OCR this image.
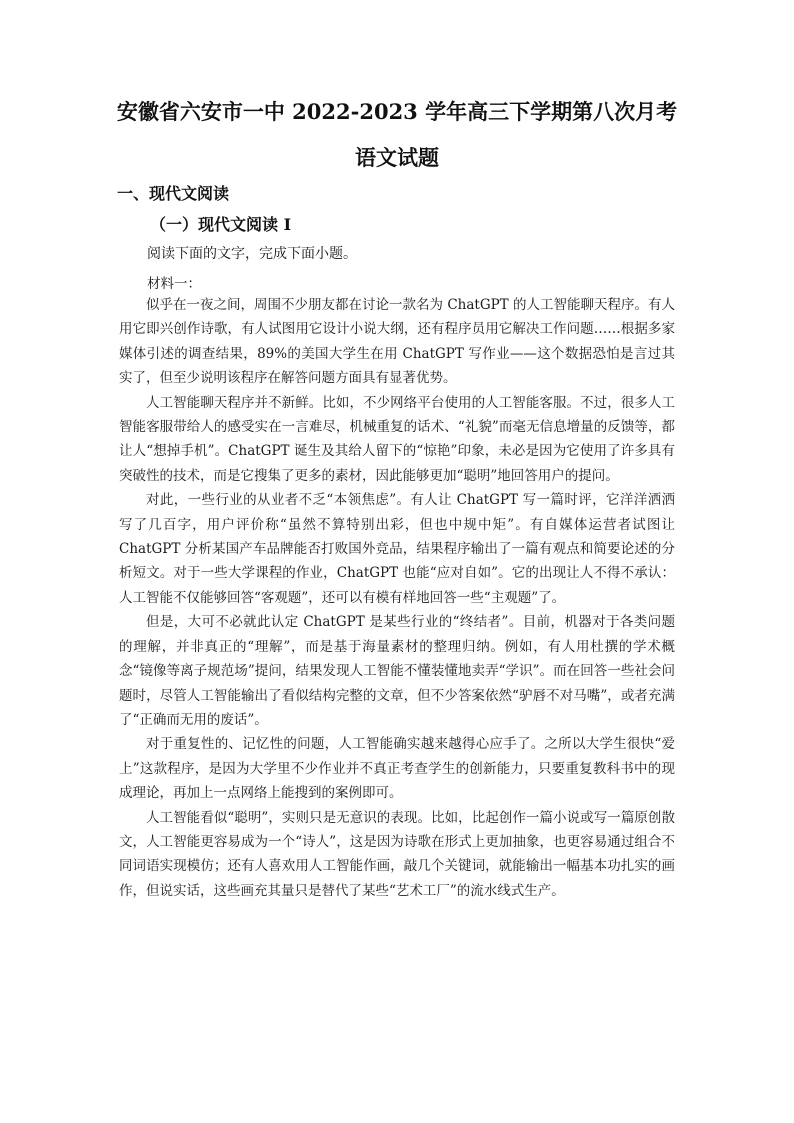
安徽省六安市一中 2022-2023 学年高三下学期第八次月考
语文试题
一、现代文阅读
（一）现代文阅读 I
阅读下面的文字，完成下面小题。
材料一：

似乎在一夜之间，周围不少朋友都在讨论一款名为 ChatGPT 的人工智能聊天程序。有人用它即兴创作诗歌，有人试图用它设计小说大纲，还有程序员用它解决工作问题……根据多家媒体引述的调查结果，89%的美国大学生在用 ChatGPT 写作业——这个数据恐怕是言过其实了，但至少说明该程序在解答问题方面具有显著优势。

人工智能聊天程序并不新鲜。比如，不少网络平台使用的人工智能客服。不过，很多人工智能客服带给人的感受实在一言难尽，机械重复的话术、“礼貌”而毫无信息增量的反馈等，都让人“想掉手机”。ChatGPT 诞生及其给人留下的“惊艳”印象，未必是因为它使用了许多具有突破性的技术，而是它搜集了更多的素材，因此能够更加“聪明”地回答用户的提问。

对此，一些行业的从业者不乏“本领焦虑”。有人让 ChatGPT 写一篇时评，它洋洋洒洒写了几百字，用户评价称“虽然不算特别出彩，但也中规中矩”。有自媒体运营者试图让 ChatGPT 分析某国产车品牌能否打败国外竞品，结果程序输出了一篇有观点和简要论述的分析短文。对于一些大学课程的作业，ChatGPT 也能“应对自如”。它的出现让人不得不承认：人工智能不仅能够回答“客观题”，还可以有模有样地回答一些“主观题”了。

但是，大可不必就此认定 ChatGPT 是某些行业的“终结者”。目前，机器对于各类问题的理解，并非真正的“理解”，而是基于海量素材的整理归纳。例如，有人用杜撰的学术概念“镜像等离子规范场”提问，结果发现人工智能不懂装懂地卖弄“学识”。而在回答一些社会问题时，尽管人工智能输出了看似结构完整的文章，但不少答案依然“驴唇不对马嘴”，或者充满了“正确而无用的废话”。

对于重复性的、记忆性的问题，人工智能确实越来越得心应手了。之所以大学生很快“爱上”这款程序，是因为大学里不少作业并不真正考查学生的创新能力，只要重复教科书中的现成理论，再加上一点网络上能搜到的案例即可。

人工智能看似“聪明”，实则只是无意识的表现。比如，比起创作一篇小说或写一篇原创散文，人工智能更容易成为一个“诗人”，这是因为诗歌在形式上更加抽象，也更容易通过组合不同词语实现模仿；还有人喜欢用人工智能作画，敲几个关键词，就能输出一幅基本功扎实的画作，但说实话，这些画充其量只是替代了某些“艺术工厂”的流水线式生产。
